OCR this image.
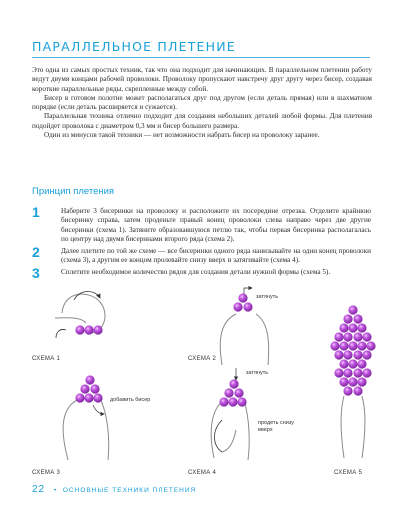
ПАРАЛЛЕЛЬНОЕ ПЛЕТЕНИЕ

Это одна из самых простых техник, так что она подходит для начинающих. В параллельном плетении работу ведут двумя концами рабочей проволоки. Проволоку пропускают навстречу друг другу через бисер, создавая короткие параллельные ряды, скрепленные между собой.

Бисер в готовом полотне может располагаться друг под другом (если деталь прямая) или в шахматном порядке (если деталь расширяется и сужается).

Параллельная техника отлично подходит для создания небольших деталей любой формы. Для плетения подойдет проволока с диаметром 0,3 мм и бисер большего размера.

Один из минусов такой техники — нет возможности набрать бисер на проволоку заранее.

Принцип плетения
1	Наберите 3 бисеринки на проволоку и расположите их посередине отрезка. Отделите крайнюю бисеринку справа, затем проденьте правый конец проволоки слева направо через две другие бисеринки (схема 1). Затяните образовавшуюся петлю так, чтобы первая бисеринка располагалась по центру над двумя бисеринами второго ряда (схема 2).
2	Далее плетите по той же схеме — все бисеринки одного ряда нанизывайте на один конец проволоки (схема 3), а другим ее концом пролевайте снизу вверх и затягивайте (схема 4).
3	Сплетите необходимое количество рядов для создания детали нужной формы (схема 5).
СХЕМА 1
затянуть
СХЕМА 2
добавить бисер
СХЕМА 3
затянуть
продеть снизу
вверх
СХЕМА 4	СХЕМА 5
22 •  ОСНОВНЫЕ ТЕХНИКИ ПЛЕТЕНИЯ
